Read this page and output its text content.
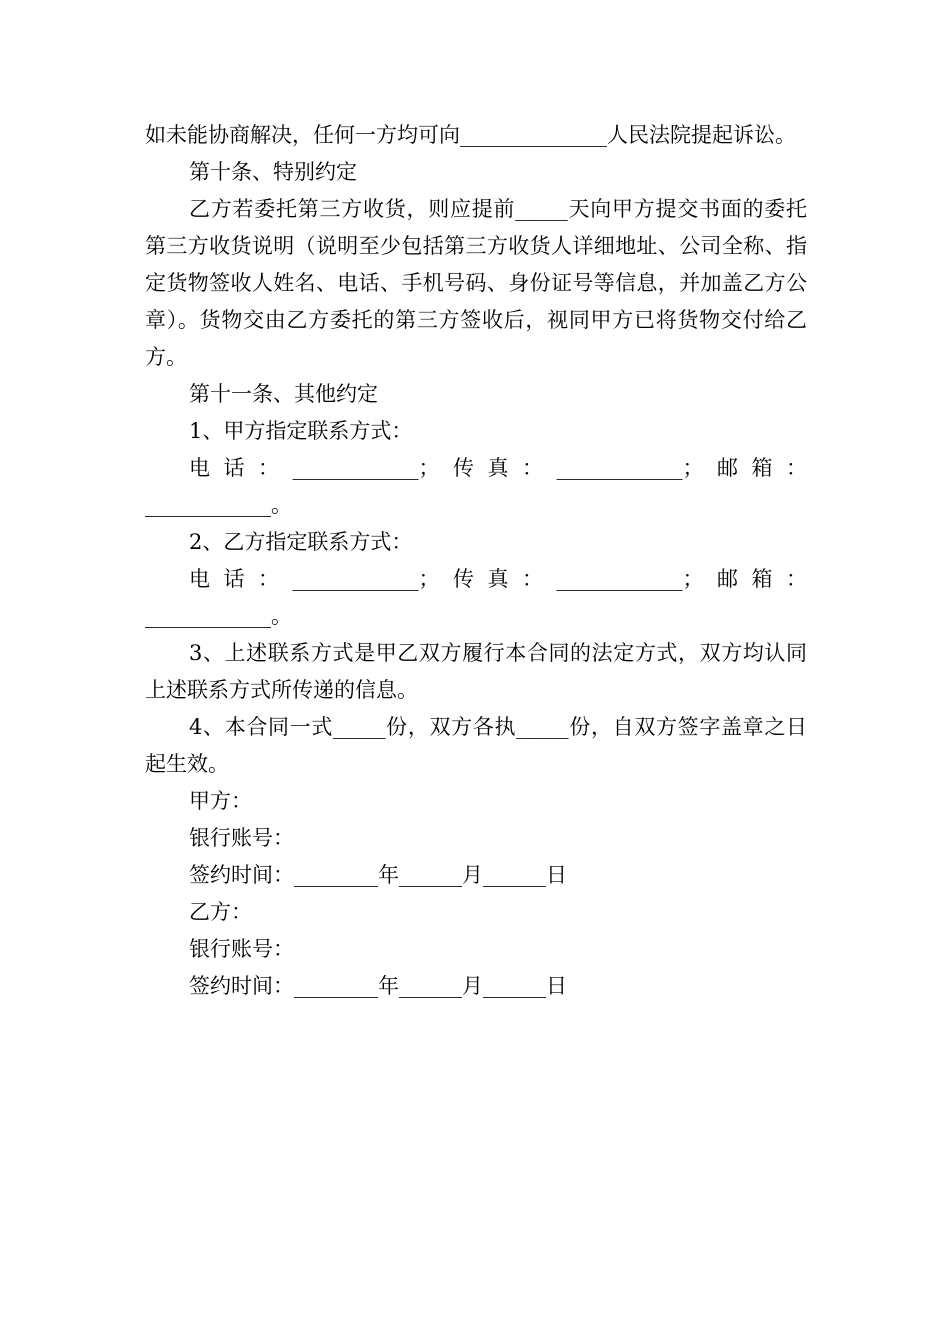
如未能协商解决，任何一方均可向______________人民法院提起诉讼。

第十条、特别约定

乙方若委托第三方收货，则应提前_____天向甲方提交书面的委托第三方收货说明（说明至少包括第三方收货人详细地址、公司全称、指定货物签收人姓名、电话、手机号码、身份证号等信息，并加盖乙方公章）。货物交由乙方委托的第三方签收后，视同甲方已将货物交付给乙方。

第十一条、其他约定

1、甲方指定联系方式：

电话：____________；传真：____________；邮箱：____________。

2、乙方指定联系方式：

电话：____________；传真：____________；邮箱：____________。

3、上述联系方式是甲乙双方履行本合同的法定方式，双方均认同上述联系方式所传递的信息。

4、本合同一式_____份，双方各执_____份，自双方签字盖章之日起生效。

甲方：

银行账号：

签约时间：________年______月______日

乙方：

银行账号：

签约时间：________年______月______日
